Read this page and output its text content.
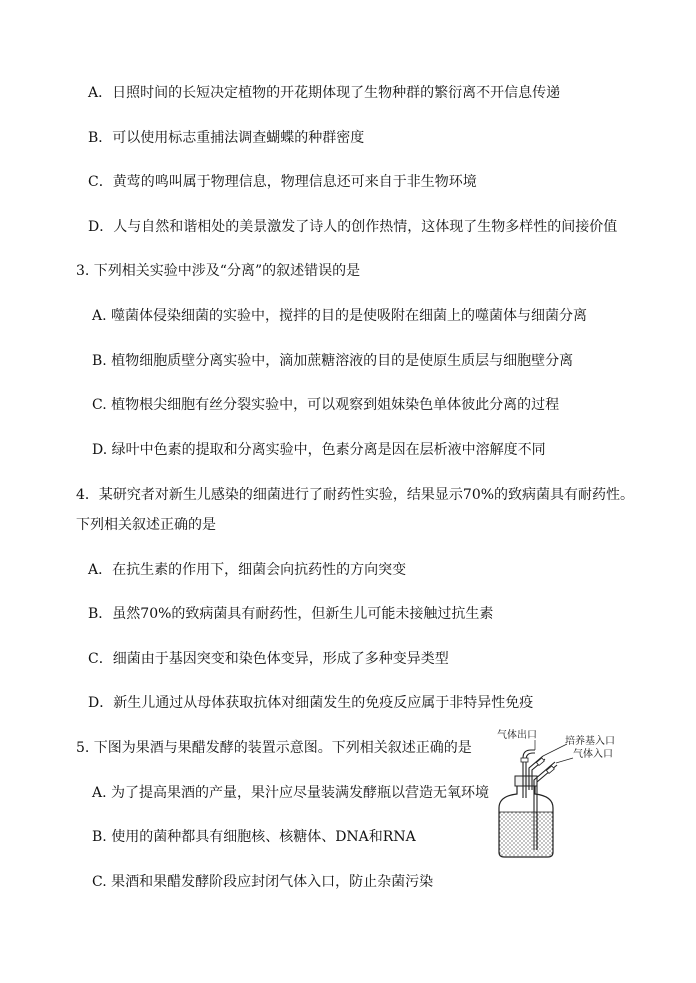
A．日照时间的长短决定植物的开花期体现了生物种群的繁衍离不开信息传递
B．可以使用标志重捕法调查蝴蝶的种群密度
C．黄莺的鸣叫属于物理信息，物理信息还可来自于非生物环境
D．人与自然和谐相处的美景激发了诗人的创作热情，这体现了生物多样性的间接价值
3. 下列相关实验中涉及“分离”的叙述错误的是
A. 噬菌体侵染细菌的实验中，搅拌的目的是使吸附在细菌上的噬菌体与细菌分离
B. 植物细胞质壁分离实验中，滴加蔗糖溶液的目的是使原生质层与细胞壁分离
C. 植物根尖细胞有丝分裂实验中，可以观察到姐妹染色单体彼此分离的过程
D. 绿叶中色素的提取和分离实验中，色素分离是因在层析液中溶解度不同
4．某研究者对新生儿感染的细菌进行了耐药性实验，结果显示70%的致病菌具有耐药性。
下列相关叙述正确的是
A．在抗生素的作用下，细菌会向抗药性的方向突变
B．虽然70%的致病菌具有耐药性，但新生儿可能未接触过抗生素
C．细菌由于基因突变和染色体变异，形成了多种变异类型
D．新生儿通过从母体获取抗体对细菌发生的免疫反应属于非特异性免疫
5. 下图为果酒与果醋发酵的装置示意图。下列相关叙述正确的是
A. 为了提高果酒的产量，果汁应尽量装满发酵瓶以营造无氧环境
B. 使用的菌种都具有细胞核、核糖体、DNA和RNA
C. 果酒和果醋发酵阶段应封闭气体入口，防止杂菌污染
气体出口
培养基入口
气体入口
